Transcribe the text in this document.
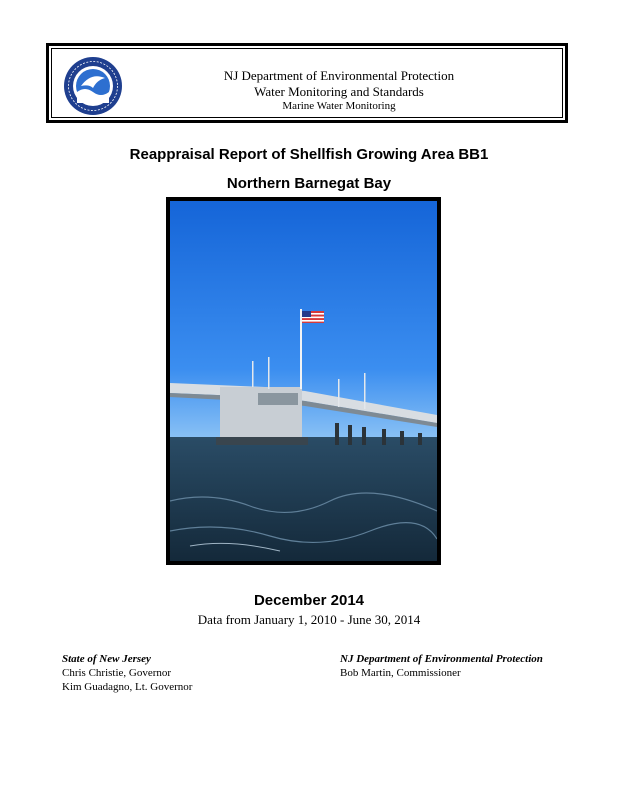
NJ Department of Environmental Protection
Water Monitoring and Standards
Marine Water Monitoring
Reappraisal Report of Shellfish Growing Area BB1
Northern Barnegat Bay
December 2014
Data from January 1, 2010 - June 30, 2014
State of New Jersey
Chris Christie, Governor
Kim Guadagno, Lt. Governor
NJ Department of Environmental Protection
Bob Martin, Commissioner
